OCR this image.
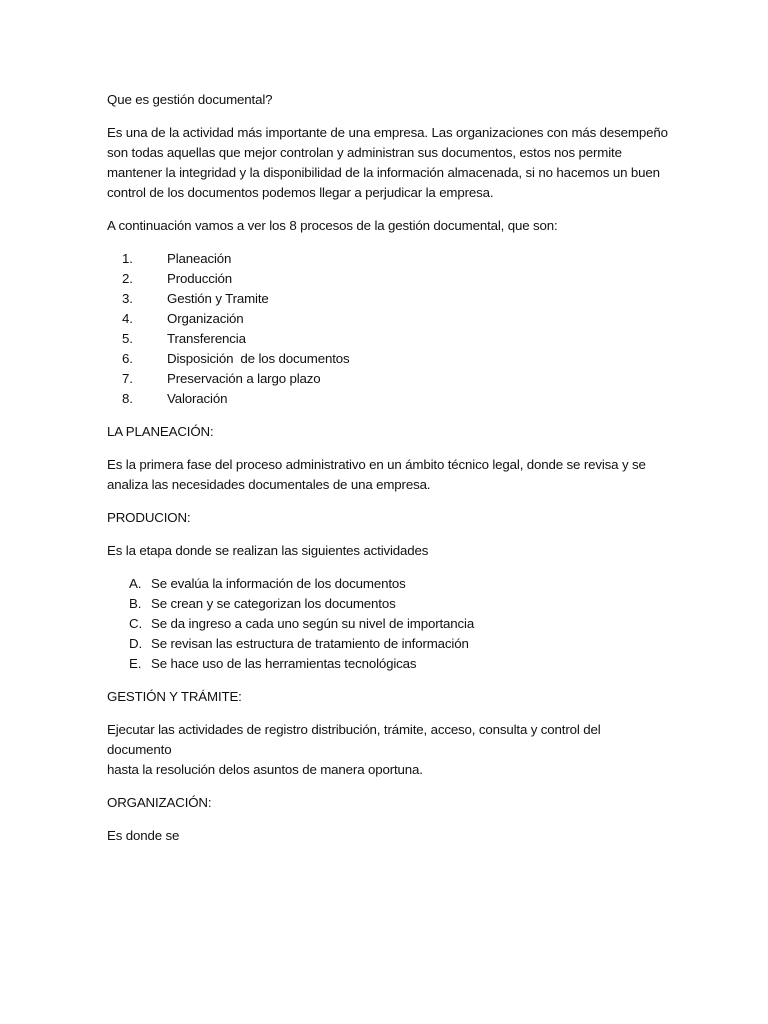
Que es gestión documental?

Es una de la actividad más importante de una empresa. Las organizaciones con más desempeño
son todas aquellas que mejor controlan y administran sus documentos, estos nos permite
mantener la integridad y la disponibilidad de la información almacenada, si no hacemos un buen
control de los documentos podemos llegar a perjudicar la empresa.

A continuación vamos a ver los 8 procesos de la gestión documental, que son:

1.	Planeación
2.	Producción
3.	Gestión y Tramite
4.	Organización
5.	Transferencia
6.	Disposición  de los documentos
7.	Preservación a largo plazo
8.	Valoración

LA PLANEACIÓN:

Es la primera fase del proceso administrativo en un ámbito técnico legal, donde se revisa y se
analiza las necesidades documentales de una empresa.

PRODUCION:

Es la etapa donde se realizan las siguientes actividades

A. Se evalúa la información de los documentos
B. Se crean y se categorizan los documentos
C. Se da ingreso a cada uno según su nivel de importancia
D. Se revisan las estructura de tratamiento de información
E. Se hace uso de las herramientas tecnológicas

GESTIÓN Y TRÁMITE:

Ejecutar las actividades de registro distribución, trámite, acceso, consulta y control del documento
hasta la resolución delos asuntos de manera oportuna.

ORGANIZACIÓN:

Es donde se
